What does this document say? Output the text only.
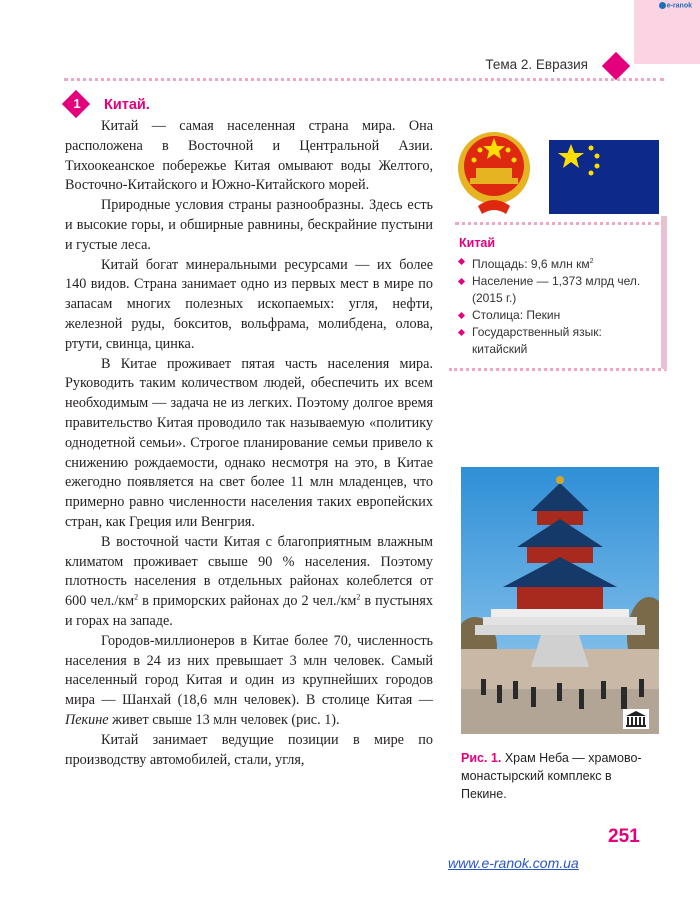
e-ranok
Тема 2. Евразия
1	Китай.

Китай — самая населенная страна мира. Она расположена в Восточной и Центральной Азии. Тихоокеанское побережье Китая омывают воды Желтого, Восточно-Китайского и Южно-Китайского морей.

Природные условия страны разнообразны. Здесь есть и высокие горы, и обширные равнины, бескрайние пустыни и густые леса.

Китай богат минеральными ресурсами — их более 140 видов. Страна занимает одно из первых мест в мире по запасам многих полезных ископаемых: угля, нефти, железной руды, бокситов, вольфрама, молибдена, олова, ртути, свинца, цинка.

В Китае проживает пятая часть населения мира. Руководить таким количеством людей, обеспечить их всем необходимым — задача не из легких. Поэтому долгое время правительство Китая проводило так называемую «политику однодетной семьи». Строгое планирование семьи привело к снижению рождаемости, однако несмотря на это, в Китае ежегодно появляется на свет более 11 млн младенцев, что примерно равно численности населения таких европейских стран, как Греция или Венгрия.

В восточной части Китая с благоприятным влажным климатом проживает свыше 90 % населения. Поэтому плотность населения в отдельных районах колеблется от 600 $чел./км^2$ в приморских районах до 2 $чел./км^2$ в пустынях и горах на западе.

Городов-миллионеров в Китае более 70, численность населения в 24 из них превышает 3 млн человек. Самый населенный город Китая и один из крупнейших городов мира — Шанхай (18,6 млн человек). В столице Китая — Пекине живет свыше 13 млн человек (рис. 1).

Китай занимает ведущие позиции в мире по производству автомобилей, стали, угля,

Китай
Площадь: 9,6 млн $км^2$
Население — 1,373 млрд чел. (2015 г.)
Столица: Пекин
Государственный язык: китайский
Рис. 1. Храм Неба — храмово-монастырский комплекс в Пекине.
251
www.e-ranok.com.ua
